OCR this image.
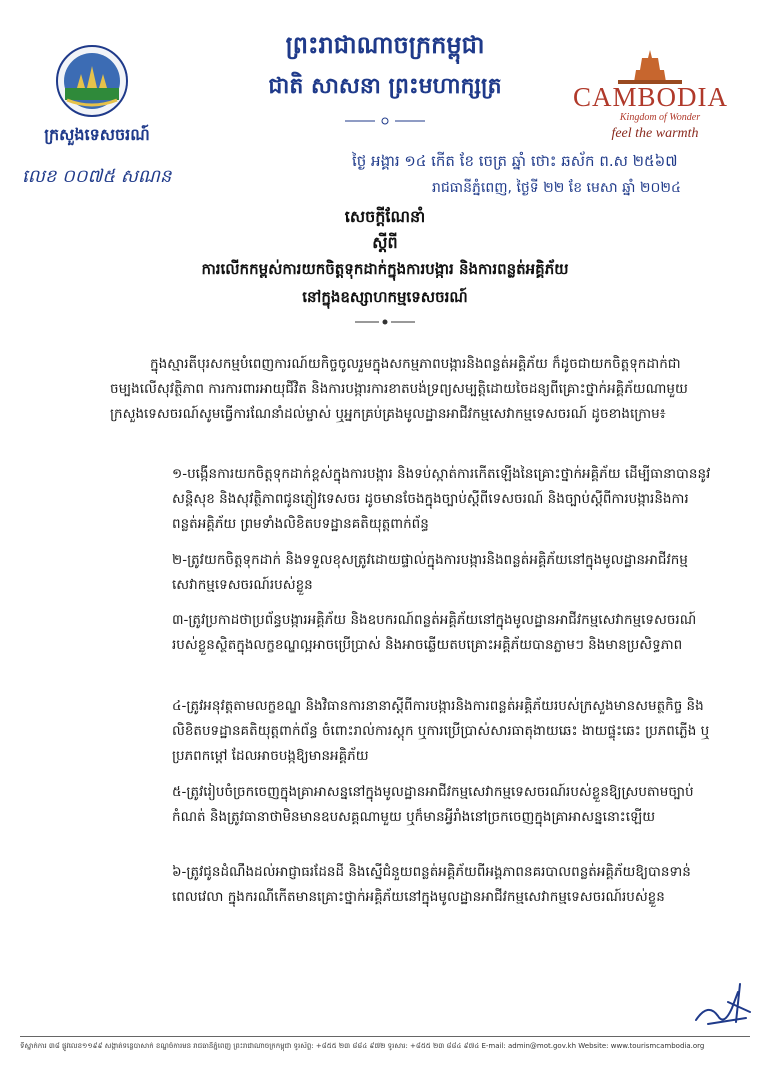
ព្រះរាជាណាចក្រកម្ពុជា
ជាតិ សាសនា ព្រះមហាក្សត្រ
ក្រសួងទេសចរណ៍
លេខ ០០៧៥ សណន
CAMBODIA
Kingdom of Wonder
feel the warmth
ថ្ងៃ អង្គារ ១៤ កើត ខែ ចេត្រ ឆ្នាំ ថោះ ឆស័ក ព.ស ២៥៦៧
រាជធានីភ្នំពេញ, ថ្ងៃទី ២២ ខែ មេសា ឆ្នាំ ២០២៤
សេចក្តីណែនាំ
ស្តីពី
ការលើកកម្ពស់ការយកចិត្តទុកដាក់ក្នុងការបង្ការ និងការពន្លត់អគ្គិភ័យ
នៅក្នុងឧស្សាហកម្មទេសចរណ៍
ក្នុងស្មារតីបុរសកម្មបំពេញការណ៍យកិច្ចចូលរួមក្នុងសកម្មភាពបង្ការនិងពន្លត់អគ្គិភ័យ ក៏ដូចជាយកចិត្តទុកដាក់ជាចម្បងលើសុវត្ថិភាព ការការពារអាយុជីវិត និងការបង្ការការខាតបង់ទ្រព្យសម្បត្តិដោយចៃដន្យពីគ្រោះថ្នាក់អគ្គិភ័យណាមួយ ក្រសួងទេសចរណ៍សូមធ្វើការណែនាំដល់ម្ចាស់ ឬអ្នកគ្រប់គ្រងមូលដ្ឋានអាជីវកម្មសេវាកម្មទេសចរណ៍ ដូចខាងក្រោម៖
១-បង្កើនការយកចិត្តទុកដាក់ខ្ពស់ក្នុងការបង្ការ និងទប់ស្កាត់ការកើតឡើងនៃគ្រោះថ្នាក់អគ្គិភ័យ ដើម្បីធានាបាននូវសន្តិសុខ និងសុវត្ថិភាពជូនភ្ញៀវទេសចរ ដូចមានចែងក្នុងច្បាប់ស្តីពីទេសចរណ៍ និងច្បាប់ស្តីពីការបង្ការនិងការពន្លត់អគ្គិភ័យ ព្រមទាំងលិខិតបទដ្ឋានគតិយុត្តពាក់ព័ន្ធ
២-ត្រូវយកចិត្តទុកដាក់ និងទទួលខុសត្រូវដោយផ្ទាល់ក្នុងការបង្ការនិងពន្លត់អគ្គិភ័យនៅក្នុងមូលដ្ឋានអាជីវកម្មសេវាកម្មទេសចរណ៍របស់ខ្លួន
៣-ត្រូវប្រកាដថាប្រព័ន្ធបង្ការអគ្គិភ័យ និងឧបករណ៍ពន្លត់អគ្គិភ័យនៅក្នុងមូលដ្ឋានអាជីវកម្មសេវាកម្មទេសចរណ៍របស់ខ្លួនស្ថិតក្នុងលក្ខខណ្ឌល្អអាចប្រើប្រាស់ និងអាចឆ្លើយតបគ្រោះអគ្គិភ័យបានភ្លាមៗ និងមានប្រសិទ្ធភាព
៤-ត្រូវអនុវត្តតាមលក្ខខណ្ឌ និងវិធានការនានាស្តីពីការបង្ការនិងការពន្លត់អគ្គិភ័យរបស់ក្រសួងមានសមត្ថកិច្ច និងលិខិតបទដ្ឋានគតិយុត្តពាក់ព័ន្ធ ចំពោះរាល់ការស្តុក ឬការប្រើប្រាស់សារធាតុងាយឆេះ ងាយផ្ទុះឆេះ ប្រភពភ្លើង ឬប្រភពកម្តៅ ដែលអាចបង្កឱ្យមានអគ្គិភ័យ
៥-ត្រូវរៀបចំច្រកចេញក្នុងគ្រាអាសន្ននៅក្នុងមូលដ្ឋានអាជីវកម្មសេវាកម្មទេសចរណ៍របស់ខ្លួនឱ្យស្របតាមច្បាប់កំណត់ និងត្រូវធានាថាមិនមានឧបសគ្គណាមួយ ឬក៏មានអ្វីរាំងនៅច្រកចេញក្នុងគ្រាអាសន្ននោះឡើយ
៦-ត្រូវជូនដំណឹងដល់អាជ្ញាធរដែនដី និងស្នើជំនួយពន្លត់អគ្គិភ័យពីអង្គភាពនគរបាលពន្លត់អគ្គិភ័យឱ្យបានទាន់ពេលវេលា ក្នុងករណីកើតមានគ្រោះថ្នាក់អគ្គិភ័យនៅក្នុងមូលដ្ឋានអាជីវកម្មសេវាកម្មទេសចរណ៍របស់ខ្លួន
ទីស្នាក់ការ ៣៨ ផ្លូវលេខ១១៩៩ សង្កាត់ទន្លេបាសាក់ ខណ្ឌចំការមន រាជធានីភ្នំពេញ ព្រះរាជាណាចក្រកម្ពុជា ទូរស័ព្ទ: +៨៥៥ ២៣ ៨៨៤ ៩៧២ ទូរសារ: +៨៥៥ ២៣ ៨៨៤ ៩៧៤ E-mail: admin@mot.gov.kh Website: www.tourismcambodia.org
